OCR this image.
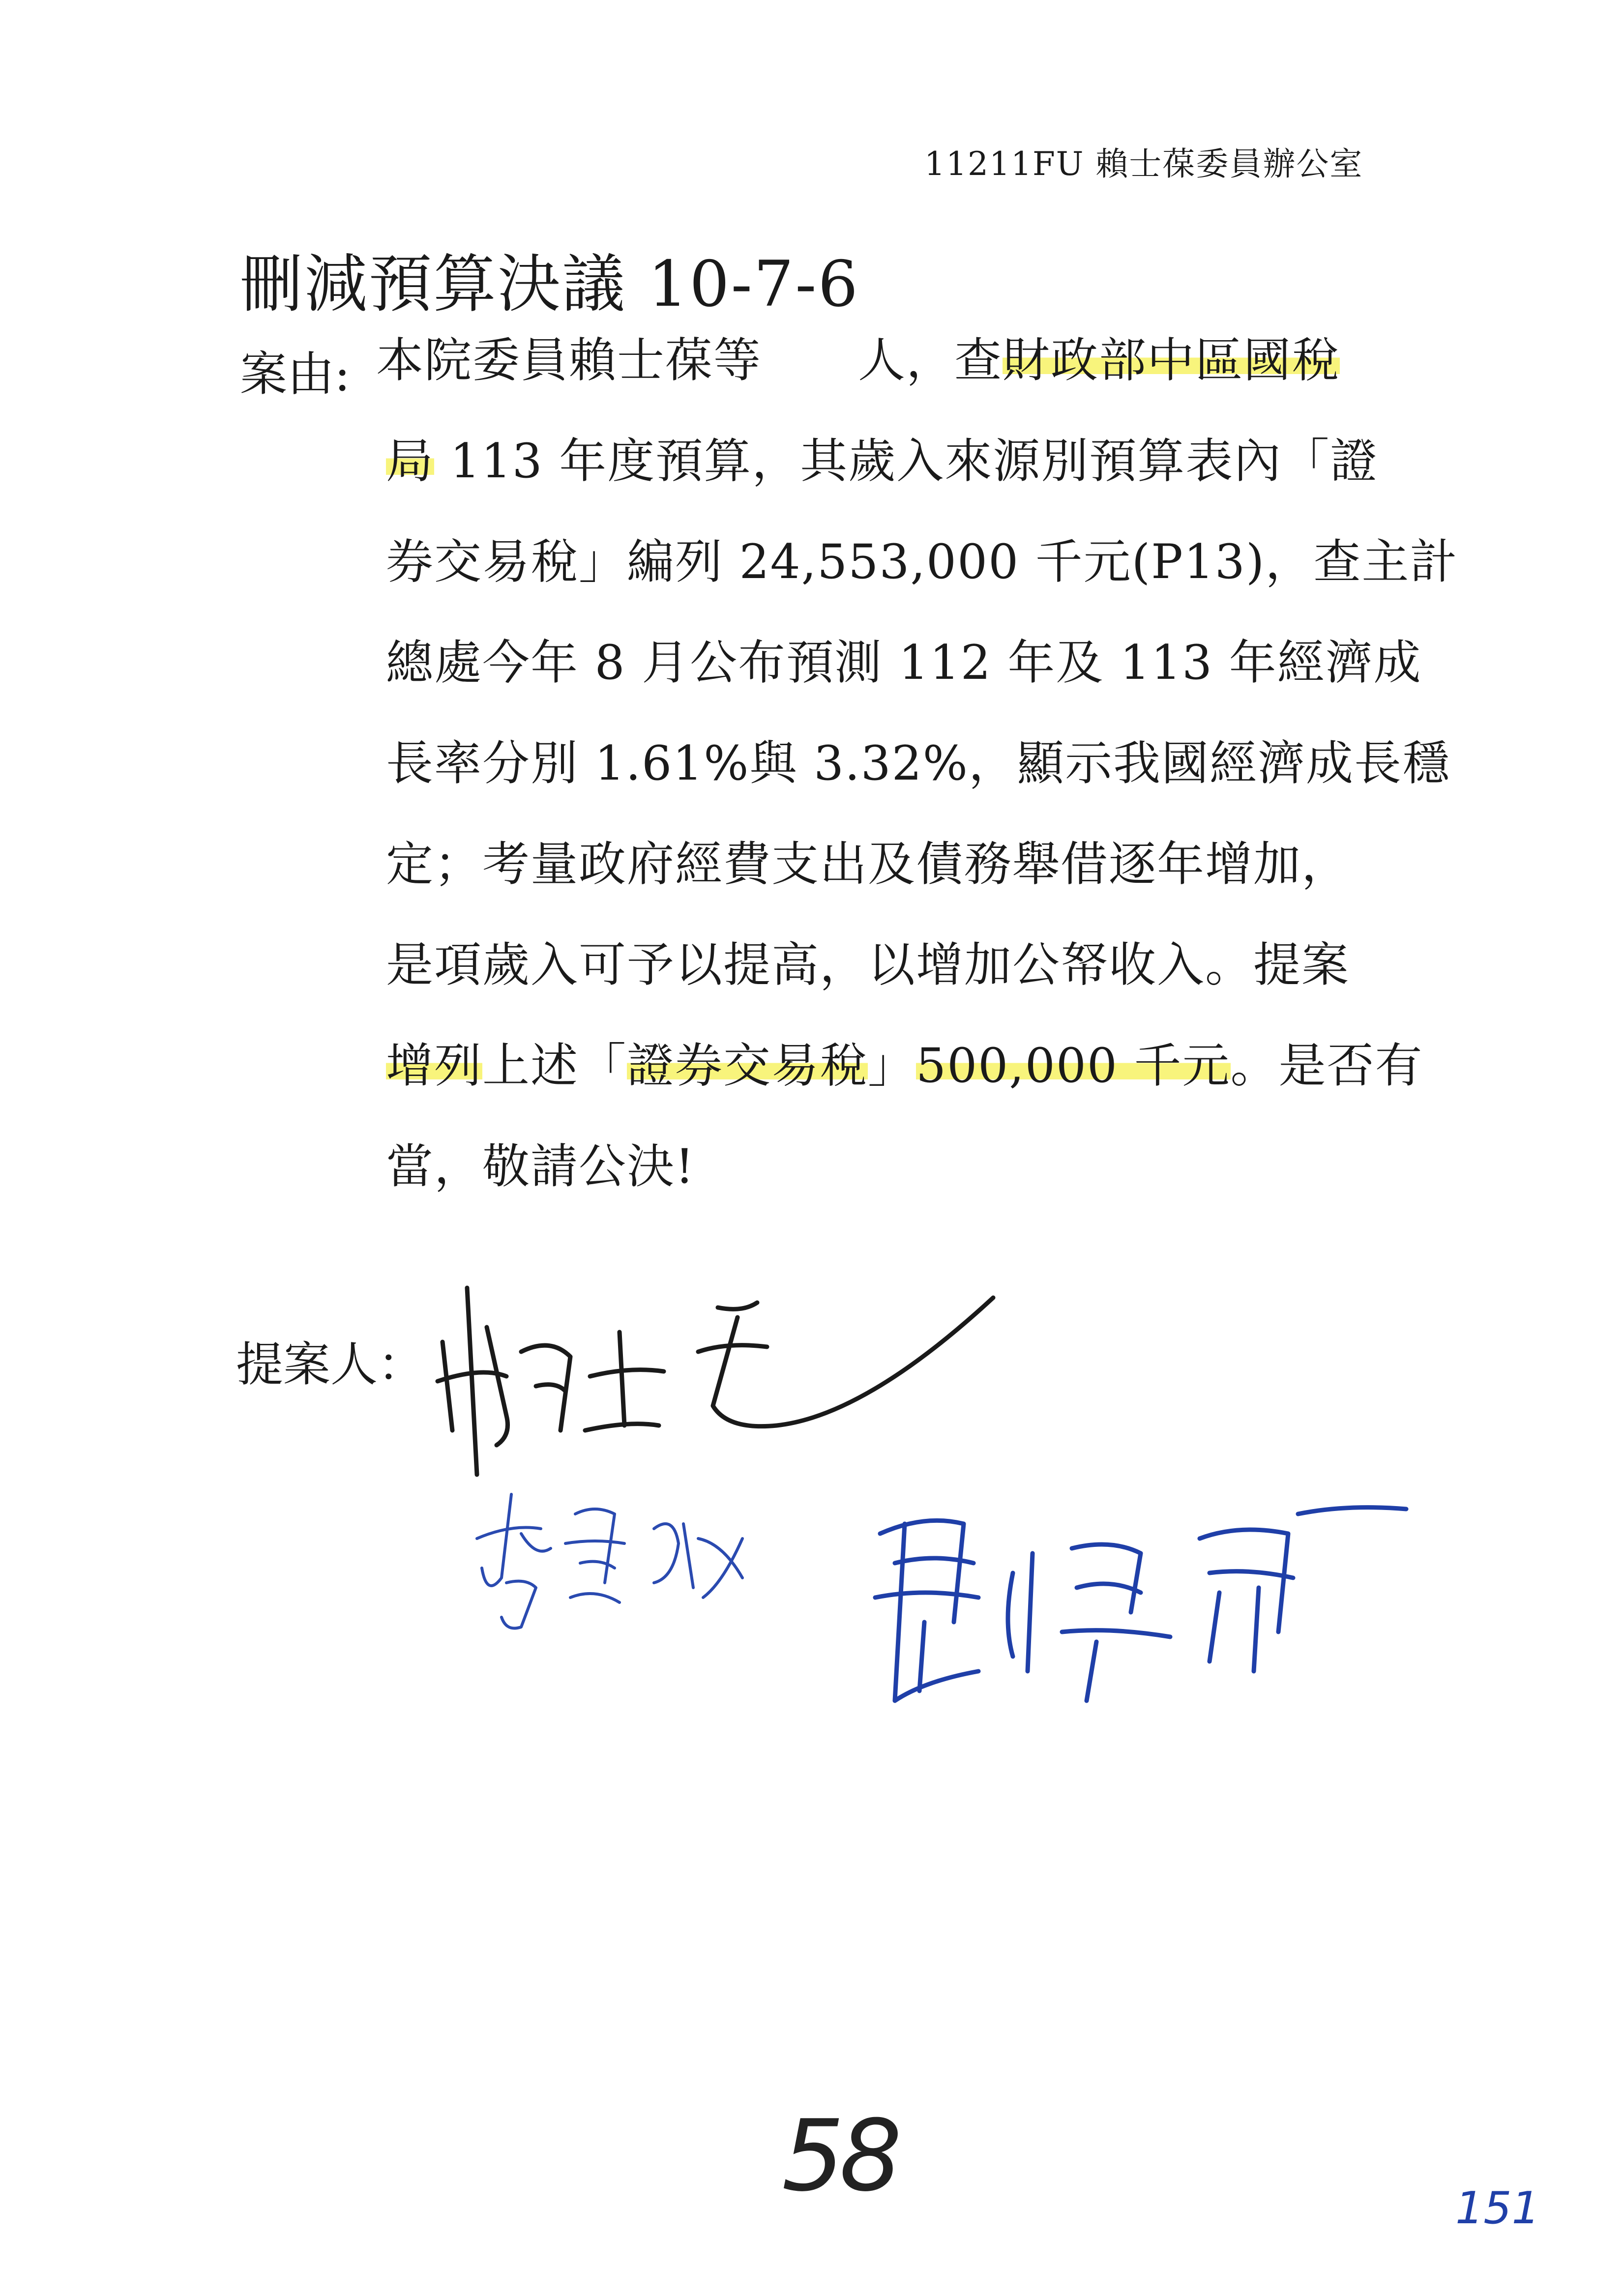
11211FU 賴士葆委員辦公室
刪減預算決議 10-7-6
案由: 本院委員賴士葆等　　人，查財政部中區國稅
局 113 年度預算，其歲入來源別預算表內「證
券交易稅」編列 24,553,000 千元(P13)，查主計
總處今年 8 月公布預測 112 年及 113 年經濟成
長率分別 1.61%與 3.32%，顯示我國經濟成長穩
定；考量政府經費支出及債務舉借逐年增加，
是項歲入可予以提高，以增加公帑收入。提案
增列上述「證券交易稅」500,000 千元。是否有
當，敬請公決!
提案人：
58	151
